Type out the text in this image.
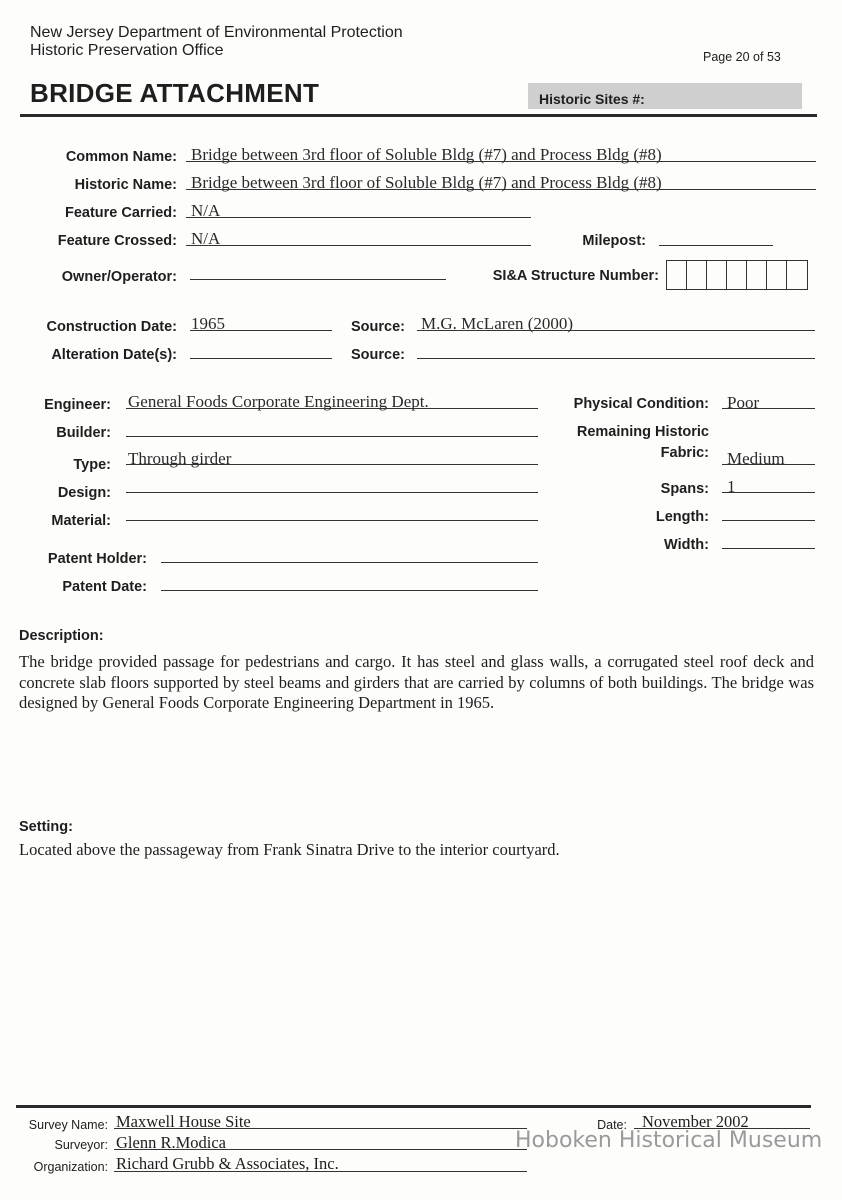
New Jersey Department of Environmental Protection
Historic Preservation Office	Page 20 of 53
BRIDGE ATTACHMENT	Historic Sites #:
Common Name: Bridge between 3rd floor of Soluble Bldg (#7) and Process Bldg (#8)
Historic Name: Bridge between 3rd floor of Soluble Bldg (#7) and Process Bldg (#8)
Feature Carried: N/A
Feature Crossed: N/A	Milepost:
Owner/Operator:	SI&A Structure Number:
Construction Date: 1965	Source: M.G. McLaren (2000)
Alteration Date(s):	Source:
Engineer: General Foods Corporate Engineering Dept.
Builder:
Type: Through girder
Design:
Material:
Patent Holder:
Patent Date:
Physical Condition: Poor
Remaining Historic
Fabric: Medium
Spans: 1
Length:
Width:
Description:
The bridge provided passage for pedestrians and cargo. It has steel and glass walls, a corrugated steel roof deck and concrete slab floors supported by steel beams and girders that are carried by columns of both buildings. The bridge was designed by General Foods Corporate Engineering Department in 1965.
Setting:
Located above the passageway from Frank Sinatra Drive to the interior courtyard.
Survey Name: Maxwell House Site	Date: November 2002
Surveyor: Glenn R.Modica
Organization: Richard Grubb & Associates, Inc.
Hoboken Historical Museum
